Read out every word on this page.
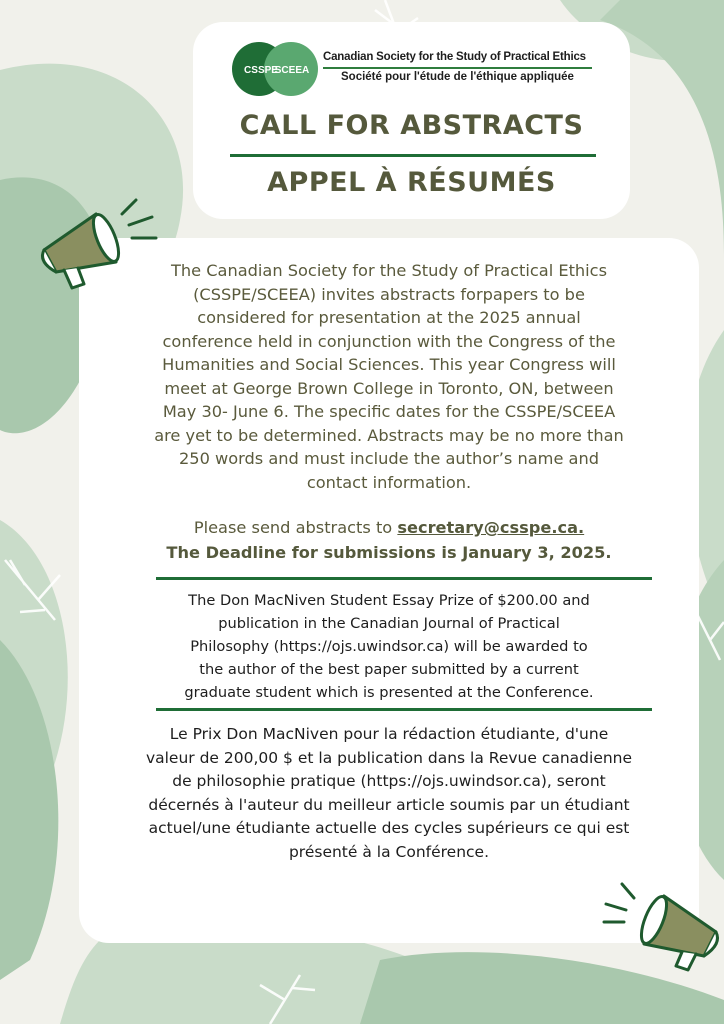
CSSPE
SCEEA
Canadian Society for the Study of Practical Ethics
Société pour l'étude de l'éthique appliquée
CALL FOR ABSTRACTS
APPEL À RÉSUMÉS
The Canadian Society for the Study of Practical Ethics
(CSSPE/SCEEA) invites abstracts forpapers to be
considered for presentation at the 2025 annual
conference held in conjunction with the Congress of the
Humanities and Social Sciences. This year Congress will
meet at George Brown College in Toronto, ON, between
May 30- June 6. The specific dates for the CSSPE/SCEEA
are yet to be determined. Abstracts may be no more than
250 words and must include the author’s name and
contact information.
Please send abstracts to secretary@csspe.ca.
The Deadline for submissions is January 3, 2025.
The Don MacNiven Student Essay Prize of $200.00 and
publication in the Canadian Journal of Practical
Philosophy (https://ojs.uwindsor.ca) will be awarded to
the author of the best paper submitted by a current
graduate student which is presented at the Conference.
Le Prix Don MacNiven pour la rédaction étudiante, d'une
valeur de 200,00 $ et la publication dans la Revue canadienne
de philosophie pratique (https://ojs.uwindsor.ca), seront
décernés à l'auteur du meilleur article soumis par un étudiant
actuel/une étudiante actuelle des cycles supérieurs ce qui est
présenté à la Conférence.
